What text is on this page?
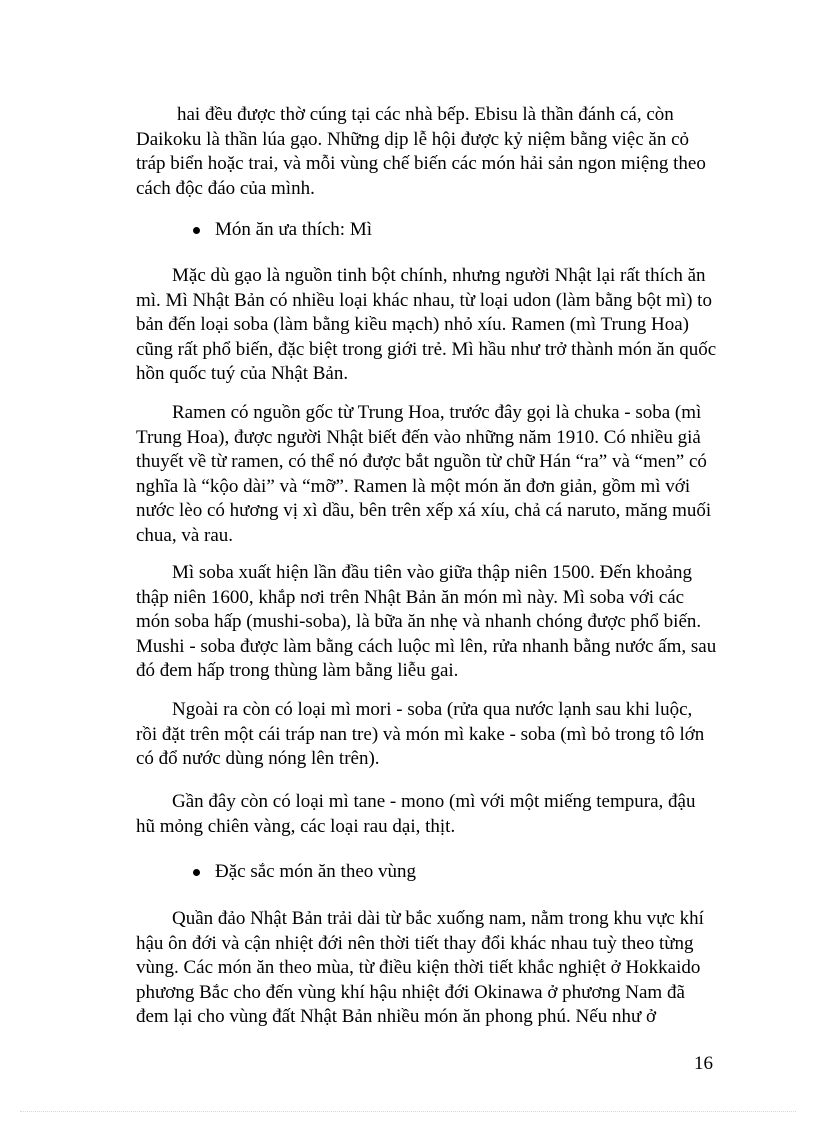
hai đều được thờ cúng tại các nhà bếp. Ebisu là thần đánh cá, còn

Daikoku là thần lúa gạo. Những dịp lễ hội được kỷ niệm bằng việc ăn cỏ

tráp biển hoặc trai, và mỗi vùng chế biến các món hải sản ngon miệng theo

cách độc đáo của mình.

Món ăn ưa thích: Mì

Mặc dù gạo là nguồn tinh bột chính, nhưng người Nhật lại rất thích ăn

mì. Mì Nhật Bản có nhiều loại khác nhau, từ loại udon (làm bằng bột mì) to

bản đến loại soba (làm bằng kiều mạch) nhỏ xíu. Ramen (mì Trung Hoa)

cũng rất phổ biến, đặc biệt trong giới trẻ. Mì hầu như trở thành món ăn quốc

hồn quốc tuý của Nhật Bản.

Ramen có nguồn gốc từ Trung Hoa, trước đây gọi là chuka - soba (mì

Trung Hoa), được người Nhật biết đến vào những năm 1910. Có nhiều giả

thuyết về từ ramen, có thể nó được bắt nguồn từ chữ Hán “ra” và “men” có

nghĩa là “kộo dài” và “mỡ”. Ramen là một món ăn đơn giản, gồm mì với

nước lèo có hương vị xì dầu, bên trên xếp xá xíu, chả cá naruto, măng muối

chua, và rau.

Mì soba xuất hiện lần đầu tiên vào giữa thập niên 1500. Đến khoảng

thập niên 1600, khắp nơi trên Nhật Bản ăn món mì này. Mì soba với các

món soba hấp (mushi-soba), là bữa ăn nhẹ và nhanh chóng được phổ biến.

Mushi - soba được làm bằng cách luộc mì lên, rửa nhanh bằng nước ấm, sau

đó đem hấp trong thùng làm bằng liễu gai.

Ngoài ra còn có loại mì mori - soba (rửa qua nước lạnh sau khi luộc,

rồi đặt trên một cái tráp nan tre) và món mì kake - soba (mì bỏ trong tô lớn

có đổ nước dùng nóng lên trên).

Gần đây còn có loại mì tane - mono (mì với một miếng tempura, đậu

hũ mỏng chiên vàng, các loại rau dại, thịt.

Đặc sắc món ăn theo vùng

Quần đảo Nhật Bản trải dài từ bắc xuống nam, nằm trong khu vực khí

hậu ôn đới và cận nhiệt đới nên thời tiết thay đổi khác nhau tuỳ theo từng

vùng. Các món ăn theo mùa, từ điều kiện thời tiết khắc nghiệt ở Hokkaido

phương Bắc cho đến vùng khí hậu nhiệt đới Okinawa ở phương Nam đã

đem lại cho vùng đất Nhật Bản nhiều món ăn phong phú. Nếu như ở

16
